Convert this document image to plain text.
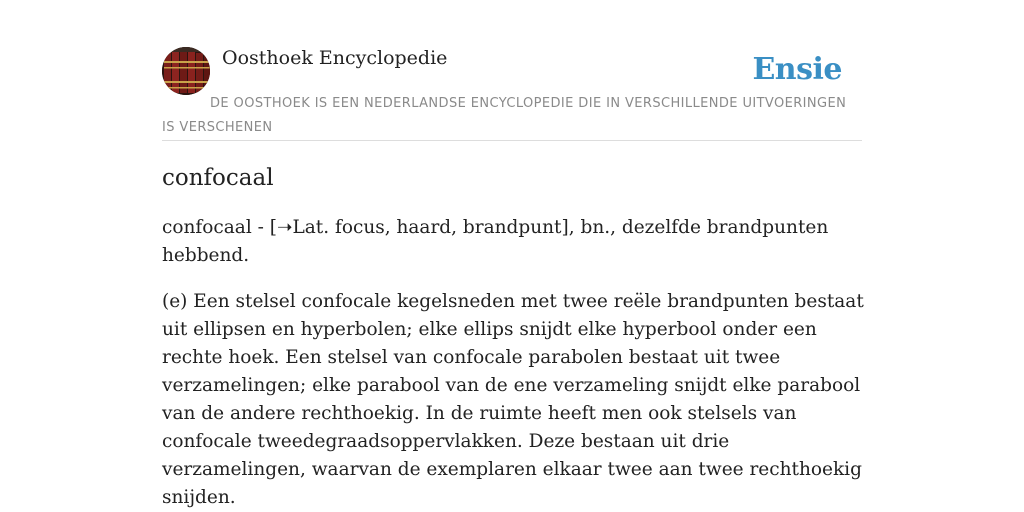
Oosthoek Encyclopedie	Ensie
DE OOSTHOEK IS EEN NEDERLANDSE ENCYCLOPEDIE DIE IN VERSCHILLENDE UITVOERINGEN IS VERSCHENEN
confocaal

confocaal - [➝Lat. focus, haard, brandpunt], bn., dezelfde brandpunten hebbend.

(e) Een stelsel confocale kegelsneden met twee reële brandpunten bestaat uit ellipsen en hyperbolen; elke ellips snijdt elke hyperbool onder een rechte hoek. Een stelsel van confocale parabolen bestaat uit twee verzamelingen; elke parabool van de ene verzameling snijdt elke parabool van de andere rechthoekig. In de ruimte heeft men ook stelsels van confocale tweedegraadsoppervlakken. Deze bestaan uit drie verzamelingen, waarvan de exemplaren elkaar twee aan twee rechthoekig snijden.
